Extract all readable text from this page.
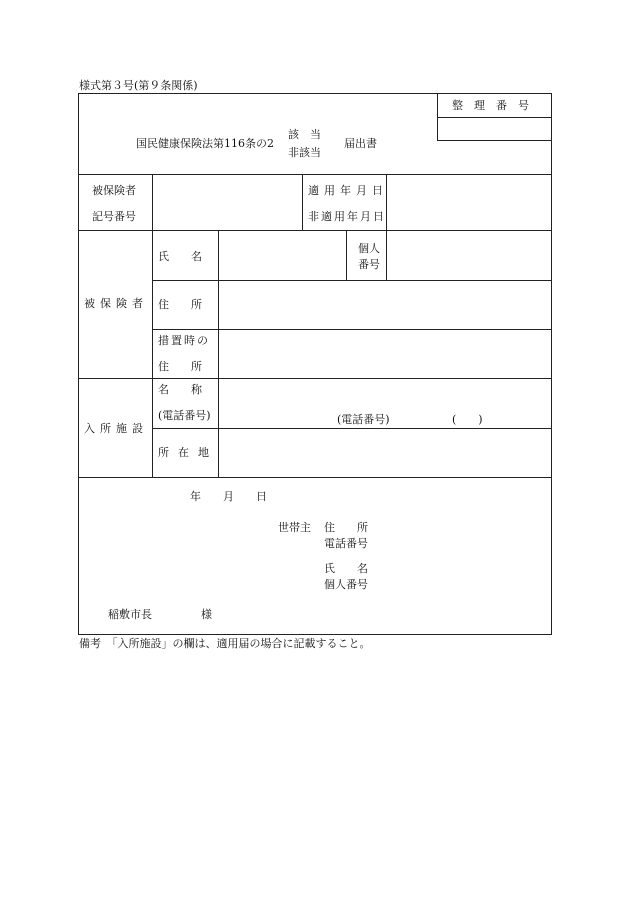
様式第３号(第９条関係)
整　理　番　号
国民健康保険法第116条の2
該　当
非該当
届出書
被保険者
記号番号
適用年月日
非適用年月日
被保険者
氏　　名
個人
番号
住　　所
措置時の
住　　所
入所施設
名　　称
(電話番号)	(電話番号)	(　　)
所在地
年　　月　　日
世帯主 住　　所
電話番号
氏　　名
個人番号
稲敷市長	様
備考　「入所施設」の欄は、適用届の場合に記載すること。
